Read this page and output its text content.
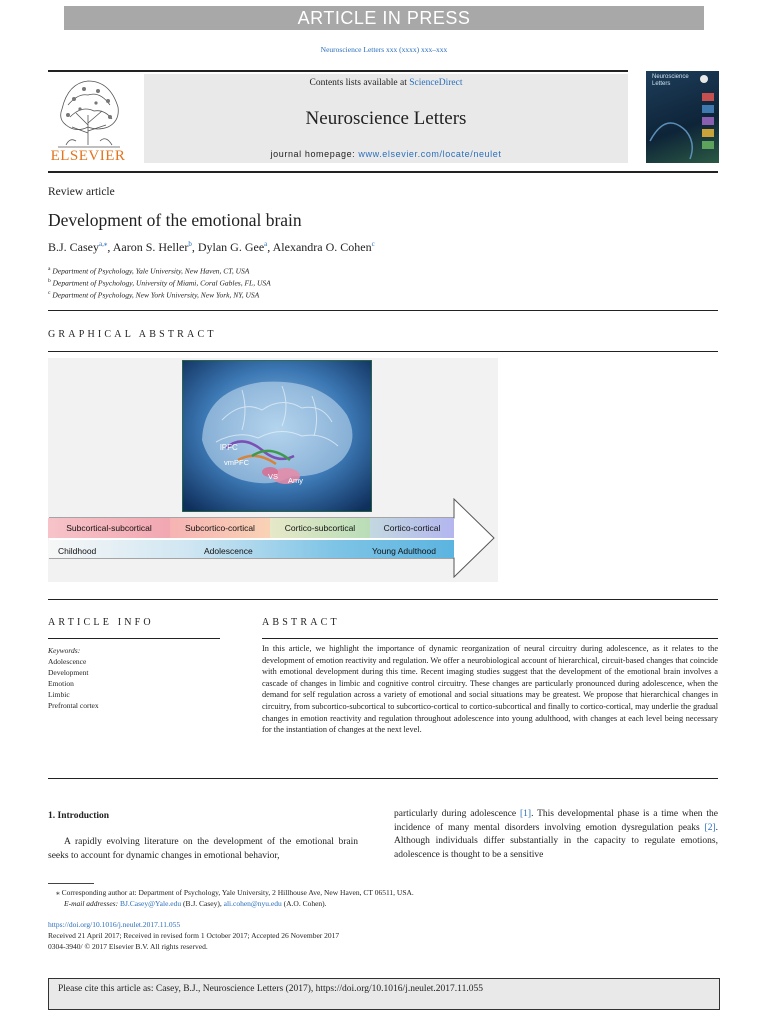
ARTICLE IN PRESS
Neuroscience Letters xxx (xxxx) xxx–xxx
Contents lists available at ScienceDirect
Neuroscience Letters
journal homepage: www.elsevier.com/locate/neulet
ELSEVIER
Neuroscience Letters
Review article
Development of the emotional brain
B.J. Casey$^{a,⁎}$, Aaron S. Heller$^b$, Dylan G. Gee$^a$, Alexandra O. Cohen$^c$
$^a$ Department of Psychology, Yale University, New Haven, CT, USA
$^b$ Department of Psychology, University of Miami, Coral Gables, FL, USA
$^c$ Department of Psychology, New York University, New York, NY, USA
GRAPHICAL ABSTRACT
lPFC
vmPFC
VS Amy
Subcortical-subcortical	Subcortico-cortical	Cortico-subcortical	Cortico-cortical
Childhood	Adolescence	Young Adulthood
ARTICLE INFO
Keywords:
Adolescence
Development
Emotion
Limbic
Prefrontal cortex
ABSTRACT
In this article, we highlight the importance of dynamic reorganization of neural circuitry during adolescence, as it relates to the development of emotion reactivity and regulation. We offer a neurobiological account of hierarchical, circuit-based changes that coincide with emotional development during this time. Recent imaging studies suggest that the development of the emotional brain involves a cascade of changes in limbic and cognitive control circuitry. These changes are particularly pronounced during adolescence, when the demand for self regulation across a variety of emotional and social situations may be greatest. We propose that hierarchical changes in circuitry, from subcortico-subcortical to subcortico-cortical to cortico-subcortical and finally to cortico-cortical, may underlie the gradual changes in emotion reactivity and regulation throughout adolescence into young adulthood, with changes at each level being necessary for the instantiation of changes at the next level.
1. Introduction
A rapidly evolving literature on the development of the emotional brain seeks to account for dynamic changes in emotional behavior,
particularly during adolescence [1]. This developmental phase is a time when the incidence of many mental disorders involving emotion dysregulation peaks [2]. Although individuals differ substantially in the capacity to regulate emotions, adolescence is thought to be a sensitive
⁎ Corresponding author at: Department of Psychology, Yale University, 2 Hillhouse Ave, New Haven, CT 06511, USA.
E-mail addresses: BJ.Casey@Yale.edu (B.J. Casey), ali.cohen@nyu.edu (A.O. Cohen).
https://doi.org/10.1016/j.neulet.2017.11.055
Received 21 April 2017; Received in revised form 1 October 2017; Accepted 26 November 2017
0304-3940/ © 2017 Elsevier B.V. All rights reserved.
Please cite this article as: Casey, B.J., Neuroscience Letters (2017), https://doi.org/10.1016/j.neulet.2017.11.055
